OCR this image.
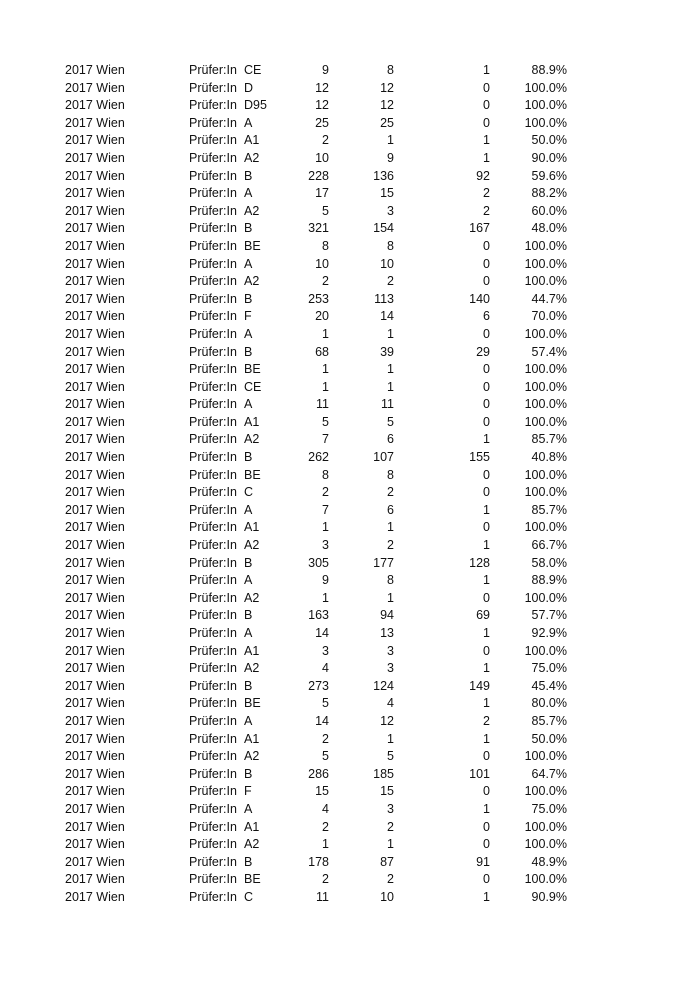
2017 Wien	Prüfer:In CE	9	8	1	88.9%
2017 Wien	Prüfer:In D	12	12	0	100.0%
2017 Wien	Prüfer:In D95	12	12	0	100.0%
2017 Wien	Prüfer:In A	25	25	0	100.0%
2017 Wien	Prüfer:In A1	2	1	1	50.0%
2017 Wien	Prüfer:In A2	10	9	1	90.0%
2017 Wien	Prüfer:In B	228	136	92	59.6%
2017 Wien	Prüfer:In A	17	15	2	88.2%
2017 Wien	Prüfer:In A2	5	3	2	60.0%
2017 Wien	Prüfer:In B	321	154	167	48.0%
2017 Wien	Prüfer:In BE	8	8	0	100.0%
2017 Wien	Prüfer:In A	10	10	0	100.0%
2017 Wien	Prüfer:In A2	2	2	0	100.0%
2017 Wien	Prüfer:In B	253	113	140	44.7%
2017 Wien	Prüfer:In F	20	14	6	70.0%
2017 Wien	Prüfer:In A	1	1	0	100.0%
2017 Wien	Prüfer:In B	68	39	29	57.4%
2017 Wien	Prüfer:In BE	1	1	0	100.0%
2017 Wien	Prüfer:In CE	1	1	0	100.0%
2017 Wien	Prüfer:In A	11	11	0	100.0%
2017 Wien	Prüfer:In A1	5	5	0	100.0%
2017 Wien	Prüfer:In A2	7	6	1	85.7%
2017 Wien	Prüfer:In B	262	107	155	40.8%
2017 Wien	Prüfer:In BE	8	8	0	100.0%
2017 Wien	Prüfer:In C	2	2	0	100.0%
2017 Wien	Prüfer:In A	7	6	1	85.7%
2017 Wien	Prüfer:In A1	1	1	0	100.0%
2017 Wien	Prüfer:In A2	3	2	1	66.7%
2017 Wien	Prüfer:In B	305	177	128	58.0%
2017 Wien	Prüfer:In A	9	8	1	88.9%
2017 Wien	Prüfer:In A2	1	1	0	100.0%
2017 Wien	Prüfer:In B	163	94	69	57.7%
2017 Wien	Prüfer:In A	14	13	1	92.9%
2017 Wien	Prüfer:In A1	3	3	0	100.0%
2017 Wien	Prüfer:In A2	4	3	1	75.0%
2017 Wien	Prüfer:In B	273	124	149	45.4%
2017 Wien	Prüfer:In BE	5	4	1	80.0%
2017 Wien	Prüfer:In A	14	12	2	85.7%
2017 Wien	Prüfer:In A1	2	1	1	50.0%
2017 Wien	Prüfer:In A2	5	5	0	100.0%
2017 Wien	Prüfer:In B	286	185	101	64.7%
2017 Wien	Prüfer:In F	15	15	0	100.0%
2017 Wien	Prüfer:In A	4	3	1	75.0%
2017 Wien	Prüfer:In A1	2	2	0	100.0%
2017 Wien	Prüfer:In A2	1	1	0	100.0%
2017 Wien	Prüfer:In B	178	87	91	48.9%
2017 Wien	Prüfer:In BE	2	2	0	100.0%
2017 Wien	Prüfer:In C	11	10	1	90.9%
